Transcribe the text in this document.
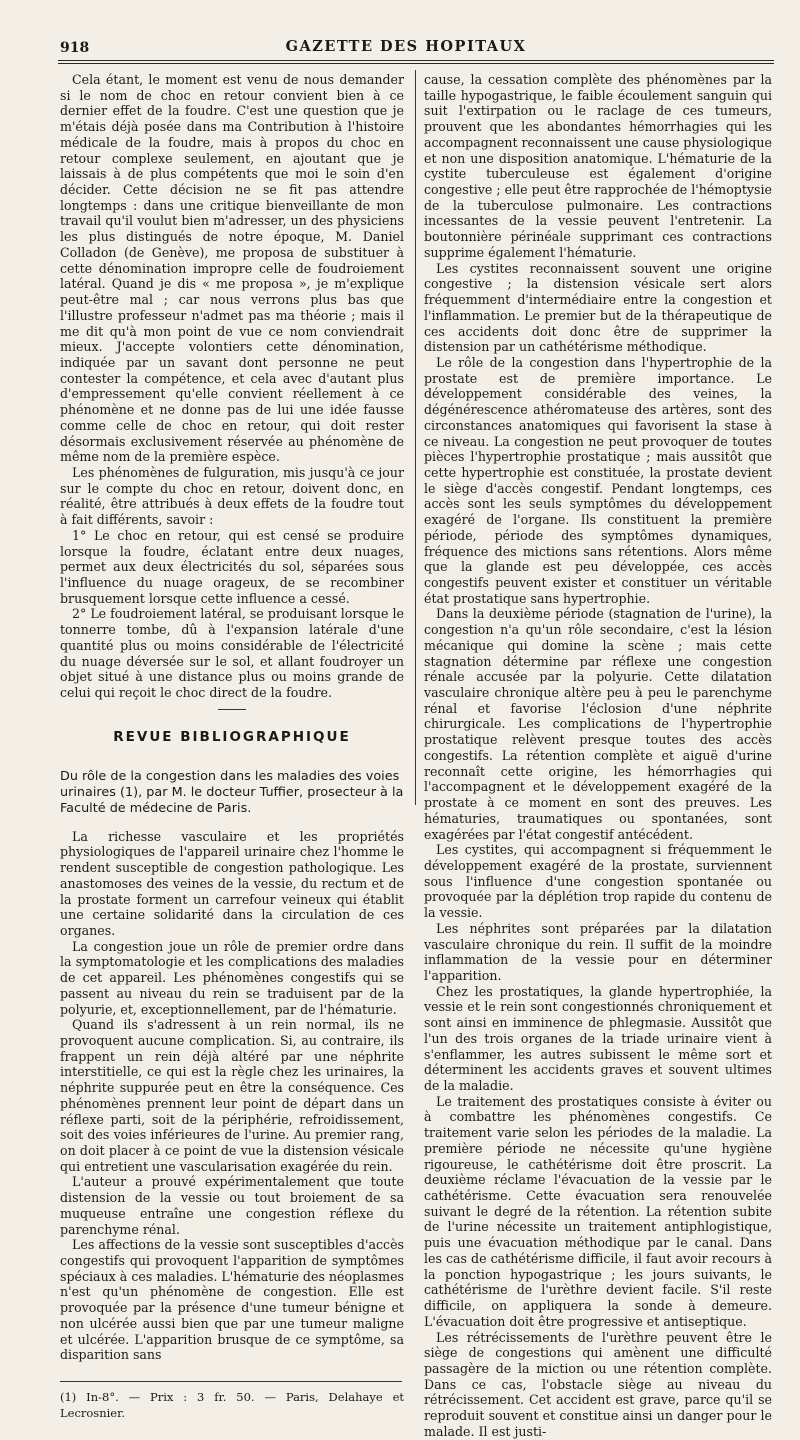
918	GAZETTE DES HOPITAUX

Cela étant, le moment est venu de nous demander si le nom de choc en retour convient bien à ce dernier effet de la foudre. C'est une question que je m'étais déjà posée dans ma Contribution à l'histoire médicale de la foudre, mais à propos du choc en retour complexe seulement, en ajoutant que je laissais à de plus compétents que moi le soin d'en décider. Cette décision ne se fit pas attendre longtemps : dans une critique bienveillante de mon travail qu'il voulut bien m'adresser, un des physiciens les plus distingués de notre époque, M. Daniel Colladon (de Genève), me proposa de substituer à cette dénomination impropre celle de foudroiement latéral. Quand je dis « me proposa », je m'explique peut-être mal ; car nous verrons plus bas que l'illustre professeur n'admet pas ma théorie ; mais il me dit qu'à mon point de vue ce nom conviendrait mieux. J'accepte volontiers cette dénomination, indiquée par un savant dont personne ne peut contester la compétence, et cela avec d'autant plus d'empressement qu'elle convient réellement à ce phénomène et ne donne pas de lui une idée fausse comme celle de choc en retour, qui doit rester désormais exclusivement réservée au phénomène de même nom de la première espèce.

Les phénomènes de fulguration, mis jusqu'à ce jour sur le compte du choc en retour, doivent donc, en réalité, être attribués à deux effets de la foudre tout à fait différents, savoir :

1° Le choc en retour, qui est censé se produire lorsque la foudre, éclatant entre deux nuages, permet aux deux électricités du sol, séparées sous l'influence du nuage orageux, de se recombiner brusquement lorsque cette influence a cessé.

2° Le foudroiement latéral, se produisant lorsque le tonnerre tombe, dû à l'expansion latérale d'une quantité plus ou moins considérable de l'électricité du nuage déversée sur le sol, et allant foudroyer un objet situé à une distance plus ou moins grande de celui qui reçoit le choc direct de la foudre.

REVUE BIBLIOGRAPHIQUE

Du rôle de la congestion dans les maladies des voies urinaires (1), par M. le docteur Tuffier, prosecteur à la Faculté de médecine de Paris.

La richesse vasculaire et les propriétés physiologiques de l'appareil urinaire chez l'homme le rendent susceptible de congestion pathologique. Les anastomoses des veines de la vessie, du rectum et de la prostate forment un carrefour veineux qui établit une certaine solidarité dans la circulation de ces organes.

La congestion joue un rôle de premier ordre dans la symptomatologie et les complications des maladies de cet appareil. Les phénomènes congestifs qui se passent au niveau du rein se traduisent par de la polyurie, et, exceptionnellement, par de l'hématurie.

Quand ils s'adressent à un rein normal, ils ne provoquent aucune complication. Si, au contraire, ils frappent un rein déjà altéré par une néphrite interstitielle, ce qui est la règle chez les urinaires, la néphrite suppurée peut en être la conséquence. Ces phénomènes prennent leur point de départ dans un réflexe parti, soit de la périphérie, refroidissement, soit des voies inférieures de l'urine. Au premier rang, on doit placer à ce point de vue la distension vésicale qui entretient une vascularisation exagérée du rein.

L'auteur a prouvé expérimentalement que toute distension de la vessie ou tout broiement de sa muqueuse entraîne une congestion réflexe du parenchyme rénal.

Les affections de la vessie sont susceptibles d'accès congestifs qui provoquent l'apparition de symptômes spéciaux à ces maladies. L'hématurie des néoplasmes n'est qu'un phénomène de congestion. Elle est provoquée par la présence d'une tumeur bénigne et non ulcérée aussi bien que par une tumeur maligne et ulcérée. L'apparition brusque de ce symptôme, sa disparition sans

(1) In-8°. — Prix : 3 fr. 50. — Paris, Delahaye et Lecrosnier.

cause, la cessation complète des phénomènes par la taille hypogastrique, le faible écoulement sanguin qui suit l'extirpation ou le raclage de ces tumeurs, prouvent que les abondantes hémorrhagies qui les accompagnent reconnaissent une cause physiologique et non une disposition anatomique. L'hématurie de la cystite tuberculeuse est également d'origine congestive ; elle peut être rapprochée de l'hémoptysie de la tuberculose pulmonaire. Les contractions incessantes de la vessie peuvent l'entretenir. La boutonnière périnéale supprimant ces contractions supprime également l'hématurie.

Les cystites reconnaissent souvent une origine congestive ; la distension vésicale sert alors fréquemment d'intermédiaire entre la congestion et l'inflammation. Le premier but de la thérapeutique de ces accidents doit donc être de supprimer la distension par un cathétérisme méthodique.

Le rôle de la congestion dans l'hypertrophie de la prostate est de première importance. Le développement considérable des veines, la dégénérescence athéromateuse des artères, sont des circonstances anatomiques qui favorisent la stase à ce niveau. La congestion ne peut provoquer de toutes pièces l'hypertrophie prostatique ; mais aussitôt que cette hypertrophie est constituée, la prostate devient le siège d'accès congestif. Pendant longtemps, ces accès sont les seuls symptômes du développement exagéré de l'organe. Ils constituent la première période, période des symptômes dynamiques, fréquence des mictions sans rétentions. Alors même que la glande est peu développée, ces accès congestifs peuvent exister et constituer un véritable état prostatique sans hypertrophie.

Dans la deuxième période (stagnation de l'urine), la congestion n'a qu'un rôle secondaire, c'est la lésion mécanique qui domine la scène ; mais cette stagnation détermine par réflexe une congestion rénale accusée par la polyurie. Cette dilatation vasculaire chronique altère peu à peu le parenchyme rénal et favorise l'éclosion d'une néphrite chirurgicale. Les complications de l'hypertrophie prostatique relèvent presque toutes des accès congestifs. La rétention complète et aiguë d'urine reconnaît cette origine, les hémorrhagies qui l'accompagnent et le développement exagéré de la prostate à ce moment en sont des preuves. Les hématuries, traumatiques ou spontanées, sont exagérées par l'état congestif antécédent.

Les cystites, qui accompagnent si fréquemment le développement exagéré de la prostate, surviennent sous l'influence d'une congestion spontanée ou provoquée par la déplétion trop rapide du contenu de la vessie.

Les néphrites sont préparées par la dilatation vasculaire chronique du rein. Il suffit de la moindre inflammation de la vessie pour en déterminer l'apparition.

Chez les prostatiques, la glande hypertrophiée, la vessie et le rein sont congestionnés chroniquement et sont ainsi en imminence de phlegmasie. Aussitôt que l'un des trois organes de la triade urinaire vient à s'enflammer, les autres subissent le même sort et déterminent les accidents graves et souvent ultimes de la maladie.

Le traitement des prostatiques consiste à éviter ou à combattre les phénomènes congestifs. Ce traitement varie selon les périodes de la maladie. La première période ne nécessite qu'une hygiène rigoureuse, le cathétérisme doit être proscrit. La deuxième réclame l'évacuation de la vessie par le cathétérisme. Cette évacuation sera renouvelée suivant le degré de la rétention. La rétention subite de l'urine nécessite un traitement antiphlogistique, puis une évacuation méthodique par le canal. Dans les cas de cathétérisme difficile, il faut avoir recours à la ponction hypogastrique ; les jours suivants, le cathétérisme de l'urèthre devient facile. S'il reste difficile, on appliquera la sonde à demeure. L'évacuation doit être progressive et antiseptique.

Les rétrécissements de l'urèthre peuvent être le siège de congestions qui amènent une difficulté passagère de la miction ou une rétention complète. Dans ce cas, l'obstacle siège au niveau du rétrécissement. Cet accident est grave, parce qu'il se reproduit souvent et constitue ainsi un danger pour le malade. Il est justi-
